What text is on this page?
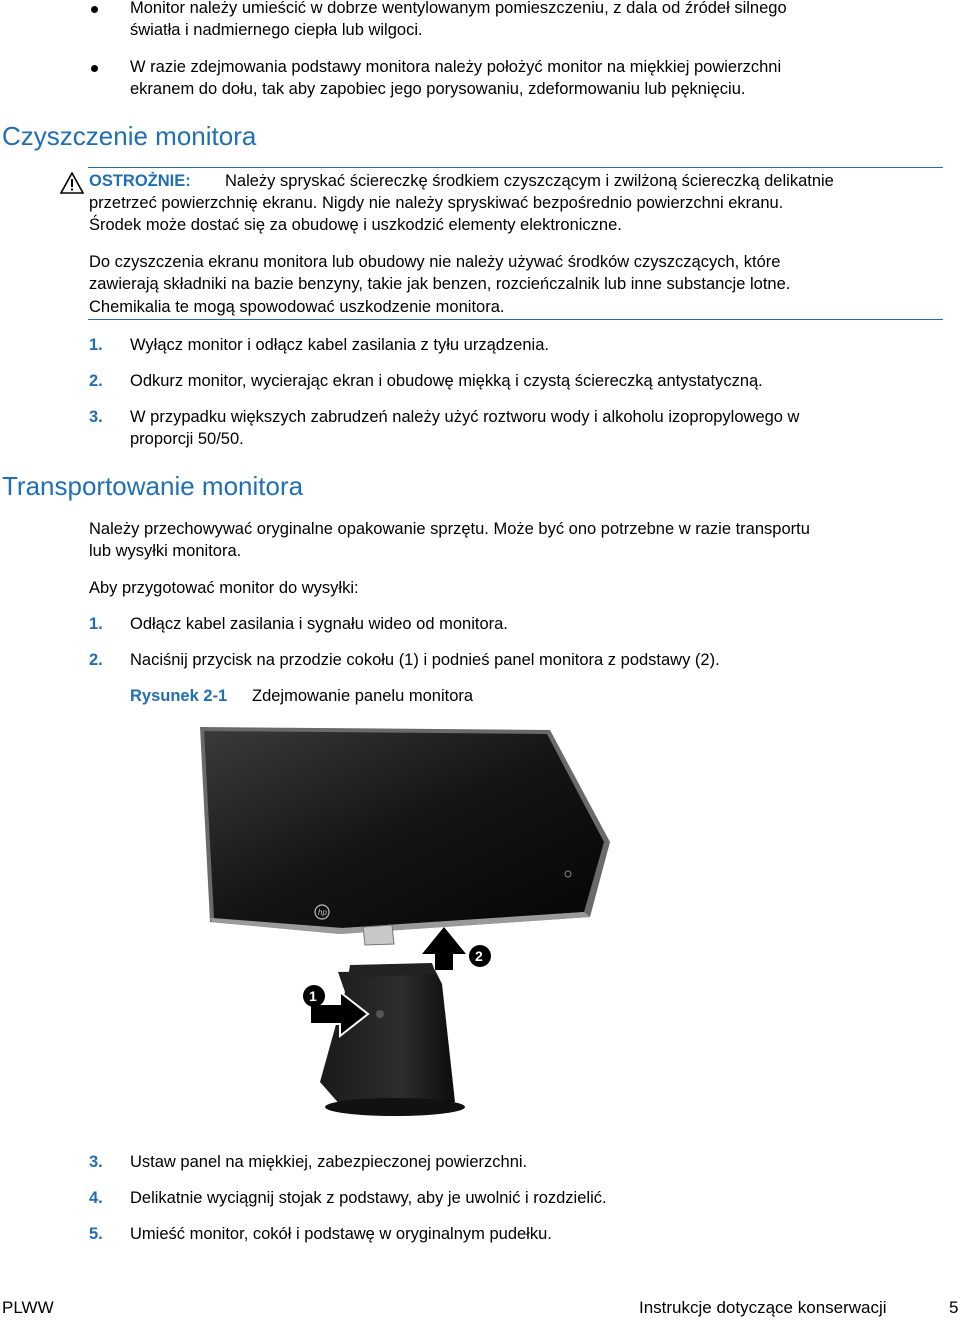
Monitor należy umieścić w dobrze wentylowanym pomieszczeniu, z dala od źródeł silnego
światła i nadmiernego ciepła lub wilgoci.
W razie zdejmowania podstawy monitora należy położyć monitor na miękkiej powierzchni
ekranem do dołu, tak aby zapobiec jego porysowaniu, zdeformowaniu lub pęknięciu.
Czyszczenie monitora
OSTROŻNIE: Należy spryskać ściereczkę środkiem czyszczącym i zwilżoną ściereczką delikatnie
przetrzeć powierzchnię ekranu. Nigdy nie należy spryskiwać bezpośrednio powierzchni ekranu.
Środek może dostać się za obudowę i uszkodzić elementy elektroniczne.
Do czyszczenia ekranu monitora lub obudowy nie należy używać środków czyszczących, które
zawierają składniki na bazie benzyny, takie jak benzen, rozcieńczalnik lub inne substancje lotne.
Chemikalia te mogą spowodować uszkodzenie monitora.
1. Wyłącz monitor i odłącz kabel zasilania z tyłu urządzenia.
2. Odkurz monitor, wycierając ekran i obudowę miękką i czystą ściereczką antystatyczną.
3. W przypadku większych zabrudzeń należy użyć roztworu wody i alkoholu izopropylowego w
proporcji 50/50.
Transportowanie monitora
Należy przechowywać oryginalne opakowanie sprzętu. Może być ono potrzebne w razie transportu
lub wysyłki monitora.
Aby przygotować monitor do wysyłki:
1. Odłącz kabel zasilania i sygnału wideo od monitora.
2. Naciśnij przycisk na przodzie cokołu (1) i podnieś panel monitora z podstawy (2).
Rysunek 2-1 Zdejmowanie panelu monitora
hp
2
1
3. Ustaw panel na miękkiej, zabezpieczonej powierzchni.
4. Delikatnie wyciągnij stojak z podstawy, aby je uwolnić i rozdzielić.
5. Umieść monitor, cokół i podstawę w oryginalnym pudełku.
PLWW	Instrukcje dotyczące konserwacji	5
